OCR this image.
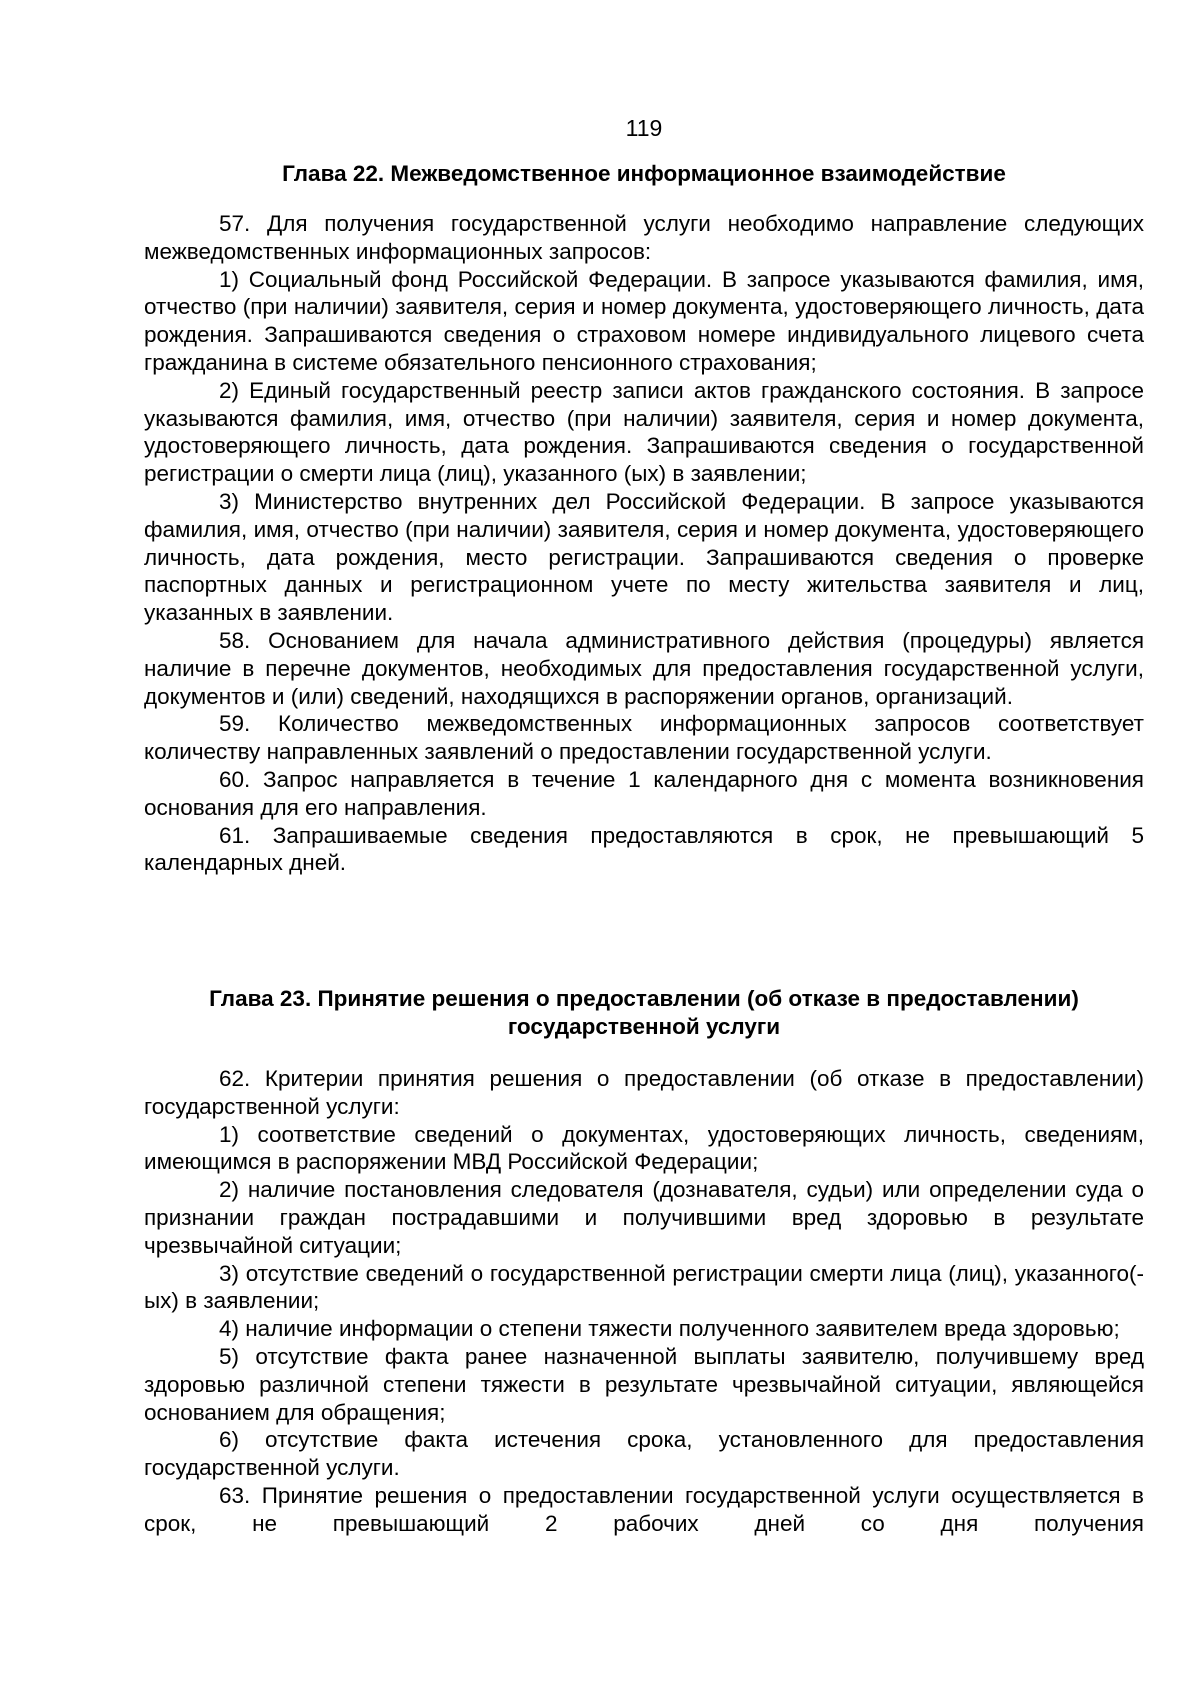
119
Глава 22. Межведомственное информационное взаимодействие

57. Для получения государственной услуги необходимо направление следующих межведомственных информационных запросов:

1) Социальный фонд Российской Федерации. В запросе указываются фамилия, имя, отчество (при наличии) заявителя, серия и номер документа, удостоверяющего личность, дата рождения. Запрашиваются сведения о страховом номере индивидуального лицевого счета гражданина в системе обязательного пенсионного страхования;

2) Единый государственный реестр записи актов гражданского состояния. В запросе указываются фамилия, имя, отчество (при наличии) заявителя, серия и номер документа, удостоверяющего личность, дата рождения. Запрашиваются сведения о государственной регистрации о смерти лица (лиц), указанного (ых) в заявлении;

3) Министерство внутренних дел Российской Федерации. В запросе указываются фамилия, имя, отчество (при наличии) заявителя, серия и номер документа, удостоверяющего личность, дата рождения, место регистрации. Запрашиваются сведения о проверке паспортных данных и регистрационном учете по месту жительства заявителя и лиц, указанных в заявлении.

58. Основанием для начала административного действия (процедуры) является наличие в перечне документов, необходимых для предоставления государственной услуги, документов и (или) сведений, находящихся в распоряжении органов, организаций.

59. Количество межведомственных информационных запросов соответствует количеству направленных заявлений о предоставлении государственной услуги.

60. Запрос направляется в течение 1 календарного дня с момента возникновения основания для его направления.

61. Запрашиваемые сведения предоставляются в срок, не превышающий 5 календарных дней.

Глава 23. Принятие решения о предоставлении (об отказе в предоставлении)
государственной услуги

62. Критерии принятия решения о предоставлении (об отказе в предоставлении) государственной услуги:

1) соответствие сведений о документах, удостоверяющих личность, сведениям, имеющимся в распоряжении МВД Российской Федерации;

2) наличие постановления следователя (дознавателя, судьи) или определении суда о признании граждан пострадавшими и получившими вред здоровью в результате чрезвычайной ситуации;

3) отсутствие сведений о государственной регистрации смерти лица (лиц), указанного(-ых) в заявлении;

4) наличие информации о степени тяжести полученного заявителем вреда здоровью;

5) отсутствие факта ранее назначенной выплаты заявителю, получившему вред здоровью различной степени тяжести в результате чрезвычайной ситуации, являющейся основанием для обращения;

6) отсутствие факта истечения срока, установленного для предоставления государственной услуги.

63. Принятие решения о предоставлении государственной услуги осуществляется в срок, не превышающий 2 рабочих дней со дня получения
